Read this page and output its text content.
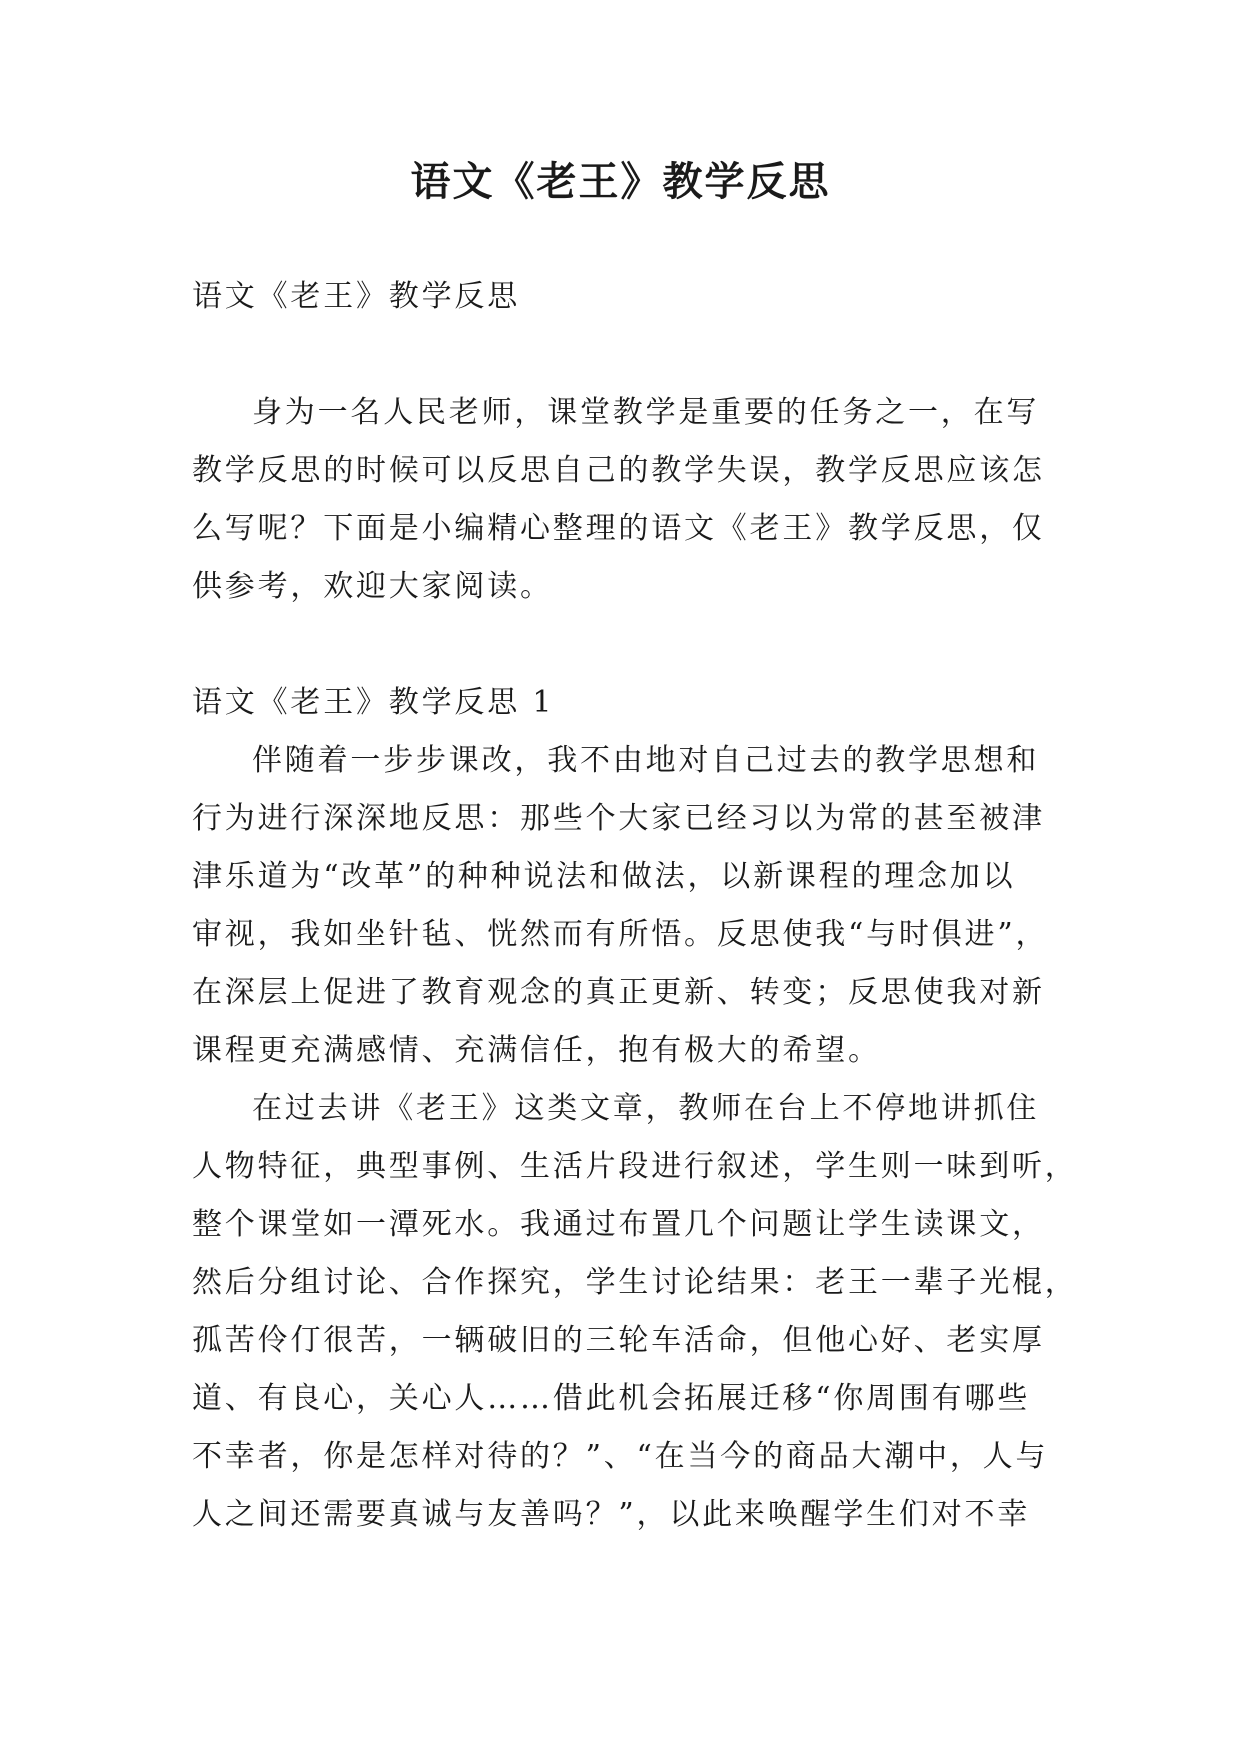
语文《老王》教学反思

语文《老王》教学反思

身为一名人民老师，课堂教学是重要的任务之一，在写

教学反思的时候可以反思自己的教学失误，教学反思应该怎

么写呢？下面是小编精心整理的语文《老王》教学反思，仅

供参考，欢迎大家阅读。

语文《老王》教学反思 1

伴随着一步步课改，我不由地对自己过去的教学思想和

行为进行深深地反思：那些个大家已经习以为常的甚至被津

津乐道为“改革”的种种说法和做法，以新课程的理念加以

审视，我如坐针毡、恍然而有所悟。反思使我“与时俱进”，

在深层上促进了教育观念的真正更新、转变；反思使我对新

课程更充满感情、充满信任，抱有极大的希望。

在过去讲《老王》这类文章，教师在台上不停地讲抓住

人物特征，典型事例、生活片段进行叙述，学生则一味到听，

整个课堂如一潭死水。我通过布置几个问题让学生读课文，

然后分组讨论、合作探究，学生讨论结果：老王一辈子光棍，

孤苦伶仃很苦，一辆破旧的三轮车活命，但他心好、老实厚

道、有良心，关心人……借此机会拓展迁移“你周围有哪些

不幸者，你是怎样对待的？”、“在当今的商品大潮中，人与

人之间还需要真诚与友善吗？”，以此来唤醒学生们对不幸
